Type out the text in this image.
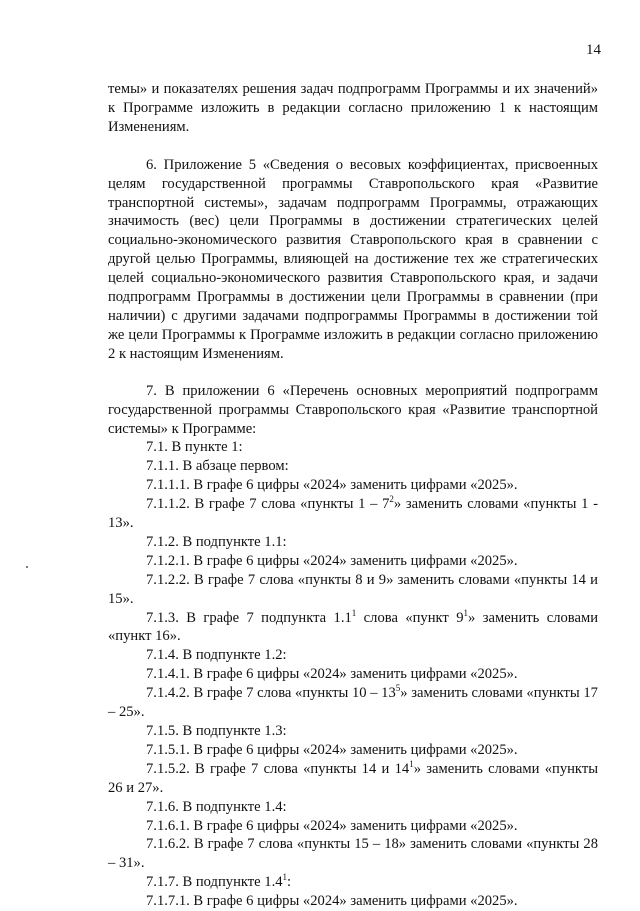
14

темы» и показателях решения задач подпрограмм Программы и их значений» к Программе изложить в редакции согласно приложению 1 к настоящим Изменениям.

6. Приложение 5 «Сведения о весовых коэффициентах, присвоенных целям государственной программы Ставропольского края «Развитие транспортной системы», задачам подпрограмм Программы, отражающих значимость (вес) цели Программы в достижении стратегических целей социально-экономического развития Ставропольского края в сравнении с другой целью Программы, влияющей на достижение тех же стратегических целей социально-экономического развития Ставропольского края, и задачи подпрограмм Программы в достижении цели Программы в сравнении (при наличии) с другими задачами подпрограммы Программы в достижении той же цели Программы к Программе изложить в редакции согласно приложению 2 к настоящим Изменениям.

7. В приложении 6 «Перечень основных мероприятий подпрограмм государственной программы Ставропольского края «Развитие транспортной системы» к Программе:

7.1. В пункте 1:

7.1.1. В абзаце первом:

7.1.1.1. В графе 6 цифры «2024» заменить цифрами «2025».

7.1.1.2. В графе 7 слова «пункты $1 - 7^2$» заменить словами «пункты 1 - 13».

7.1.2. В подпункте 1.1:

7.1.2.1. В графе 6 цифры «2024» заменить цифрами «2025».

7.1.2.2. В графе 7 слова «пункты 8 и 9» заменить словами «пункты 14 и 15».

7.1.3. В графе 7 подпункта $1.1^1$ слова «пункт $9^1$» заменить словами «пункт 16».

7.1.4. В подпункте 1.2:

7.1.4.1. В графе 6 цифры «2024» заменить цифрами «2025».

7.1.4.2. В графе 7 слова «пункты $10 - 13^5$» заменить словами «пункты 17 – 25».

7.1.5. В подпункте 1.3:

7.1.5.1. В графе 6 цифры «2024» заменить цифрами «2025».

7.1.5.2. В графе 7 слова «пункты 14 и $14^1$» заменить словами «пункты 26 и 27».

7.1.6. В подпункте 1.4:

7.1.6.1. В графе 6 цифры «2024» заменить цифрами «2025».

7.1.6.2. В графе 7 слова «пункты 15 – 18» заменить словами «пункты 28 – 31».

7.1.7. В подпункте $1.4^1$:

7.1.7.1. В графе 6 цифры «2024» заменить цифрами «2025».
